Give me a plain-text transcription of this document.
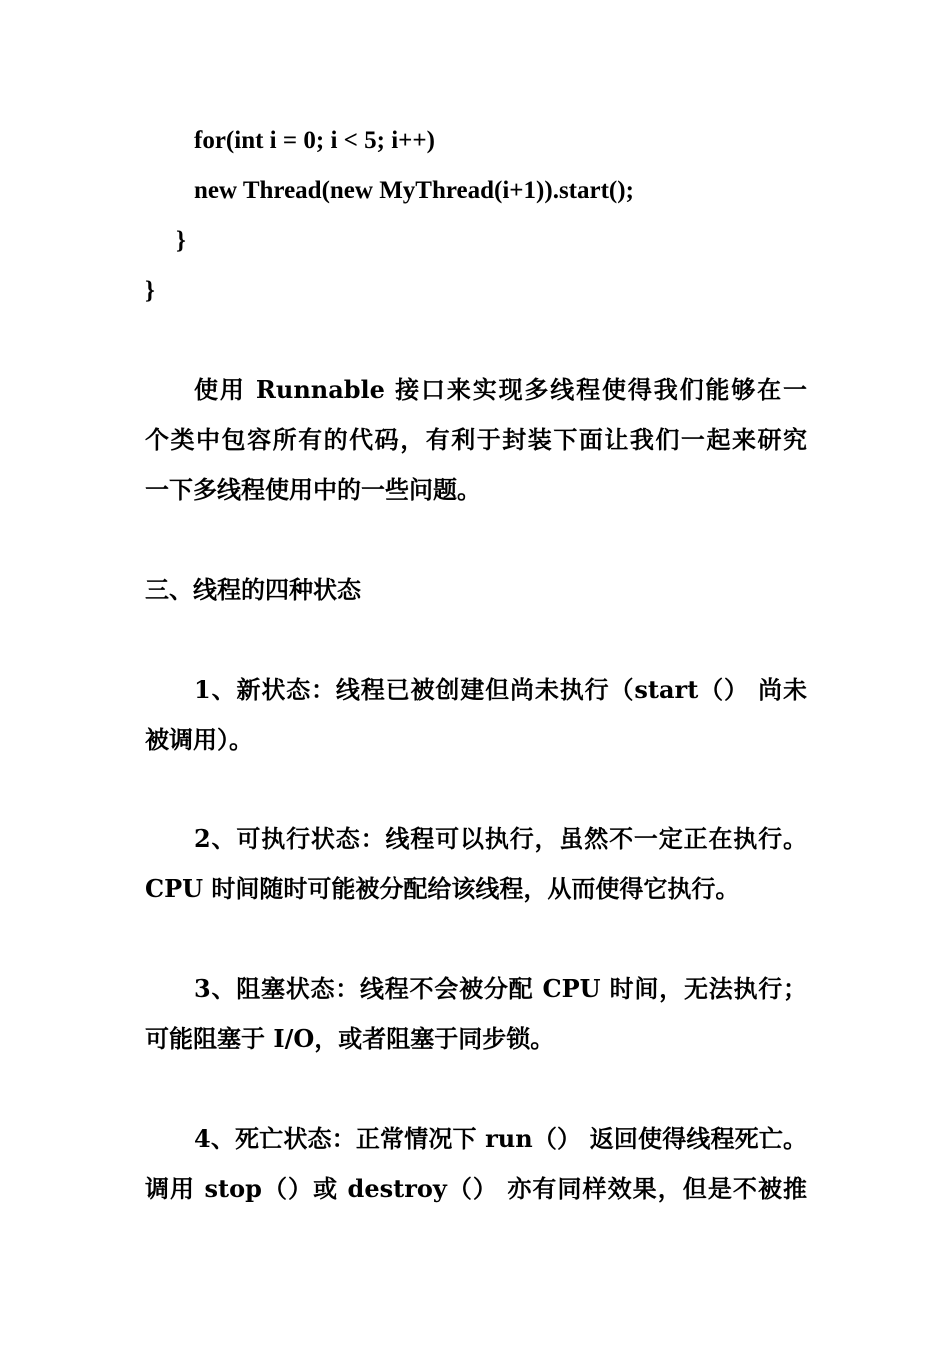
for(int i = 0; i < 5; i++)
new Thread(new MyThread(i+1)).start();
}
}
使用 Runnable 接口来实现多线程使得我们能够在一
个类中包容所有的代码，有利于封装下面让我们一起来研究
一下多线程使用中的一些问题。
三、线程的四种状态
1、新状态：线程已被创建但尚未执行（start（） 尚未
被调用）。
2、可执行状态：线程可以执行，虽然不一定正在执行。
CPU 时间随时可能被分配给该线程，从而使得它执行。
3、阻塞状态：线程不会被分配 CPU 时间，无法执行；
可能阻塞于 I/O，或者阻塞于同步锁。
4、死亡状态：正常情况下 run（） 返回使得线程死亡。
调用 stop（）或 destroy（） 亦有同样效果，但是不被推
